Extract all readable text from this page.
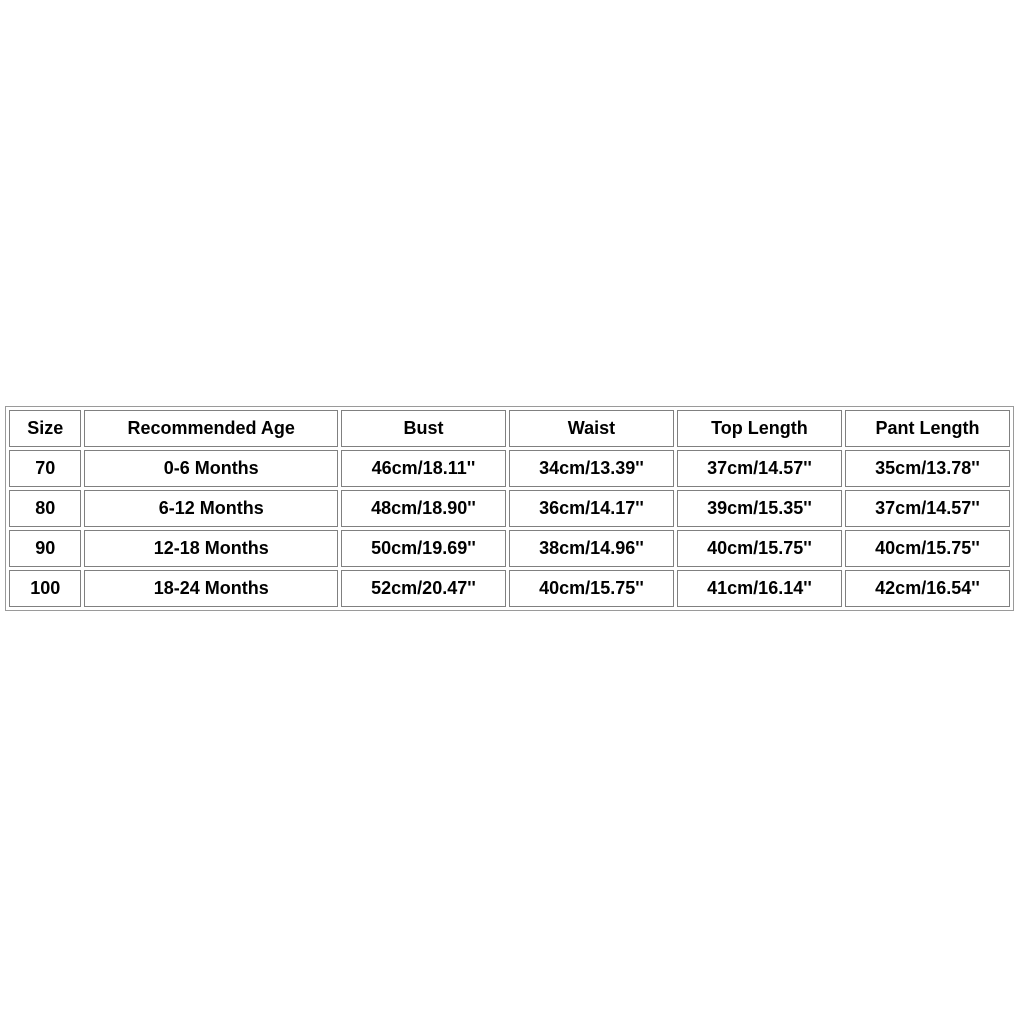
Size	Recommended Age	Bust	Waist	Top Length	Pant Length
70	0-6 Months	46cm/18.11''	34cm/13.39''	37cm/14.57''	35cm/13.78''
80	6-12 Months	48cm/18.90''	36cm/14.17''	39cm/15.35''	37cm/14.57''
90	12-18 Months	50cm/19.69''	38cm/14.96''	40cm/15.75''	40cm/15.75''
100	18-24 Months	52cm/20.47''	40cm/15.75''	41cm/16.14''	42cm/16.54''
